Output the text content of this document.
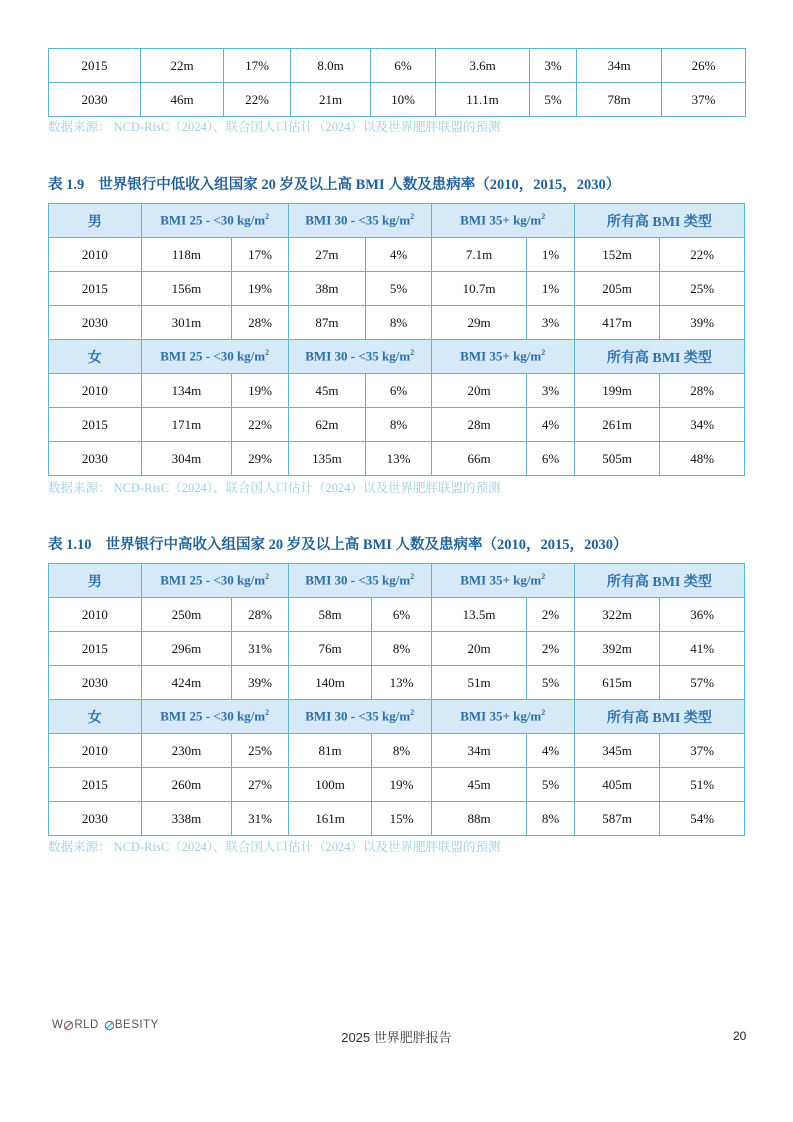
2015	22m	17%	8.0m	6%	3.6m	3%	34m	26%
2030	46m	22%	21m	10%	11.1m	5%	78m	37%
数据来源： NCD-RisC（2024）、联合国人口估计（2024）以及世界肥胖联盟的预测
表 1.9 世界银行中低收入组国家 20 岁及以上高 BMI 人数及患病率（2010，2015，2030）
男	BMI 25 - <30 $kg/m^2$		BMI 30 - <35 $kg/m^2$		BMI $35+ kg/m^2$		所有高 BMI 类型	
2010	118m	17%	27m	4%	7.1m	1%	152m	22%
2015	156m	19%	38m	5%	10.7m	1%	205m	25%
2030	301m	28%	87m	8%	29m	3%	417m	39%
女	BMI 25 - <30 $kg/m^2$		BMI 30 - <35 $kg/m^2$		BMI $35+ kg/m^2$		所有高 BMI 类型	
2010	134m	19%	45m	6%	20m	3%	199m	28%
2015	171m	22%	62m	8%	28m	4%	261m	34%
2030	304m	29%	135m	13%	66m	6%	505m	48%
数据来源： NCD-RisC（2024）、联合国人口估计（2024）以及世界肥胖联盟的预测
表 1.10 世界银行中高收入组国家 20 岁及以上高 BMI 人数及患病率（2010，2015，2030）
男	BMI 25 - <30 $kg/m^2$		BMI 30 - <35 $kg/m^2$		BMI $35+ kg/m^2$		所有高 BMI 类型	
2010	250m	28%	58m	6%	13.5m	2%	322m	36%
2015	296m	31%	76m	8%	20m	2%	392m	41%
2030	424m	39%	140m	13%	51m	5%	615m	57%
女	BMI 25 - <30 $kg/m^2$		BMI 30 - <35 $kg/m^2$		BMI $35+ kg/m^2$		所有高 BMI 类型	
2010	230m	25%	81m	8%	34m	4%	345m	37%
2015	260m	27%	100m	19%	45m	5%	405m	51%
2030	338m	31%	161m	15%	88m	8%	587m	54%
数据来源： NCD-RisC（2024）、联合国人口估计（2024）以及世界肥胖联盟的预测
W RLD BESITY
2025 世界肥胖报告	20
